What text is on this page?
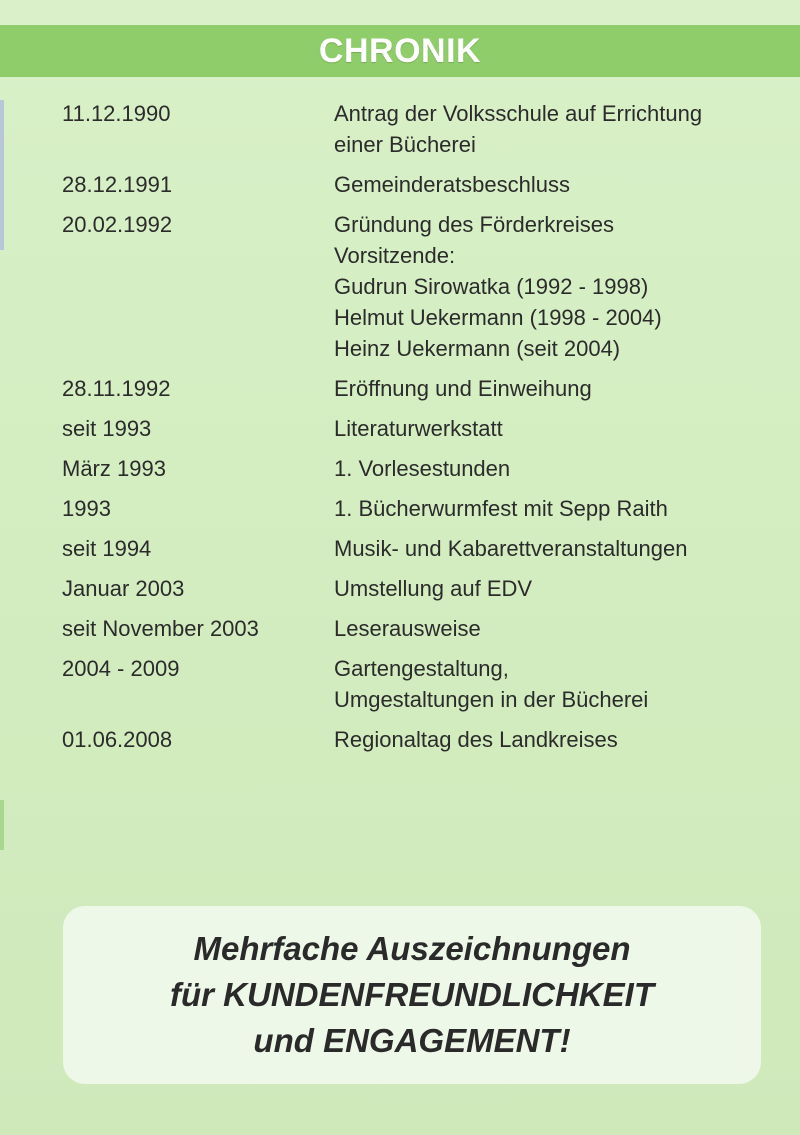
CHRONIK
11.12.1990	Antrag der Volksschule auf Errichtung
einer Bücherei
28.12.1991	Gemeinderatsbeschluss
20.02.1992	Gründung des Förderkreises
Vorsitzende:
Gudrun Sirowatka (1992 - 1998)
Helmut Uekermann (1998 - 2004)
Heinz Uekermann (seit 2004)
28.11.1992	Eröffnung und Einweihung
seit 1993	Literaturwerkstatt
März 1993	1. Vorlesestunden
1993	1. Bücherwurmfest mit Sepp Raith
seit 1994	Musik- und Kabarettveranstaltungen
Januar 2003	Umstellung auf EDV
seit November 2003	Leserausweise
2004 - 2009	Gartengestaltung,
Umgestaltungen in der Bücherei
01.06.2008	Regionaltag des Landkreises
Mehrfache Auszeichnungen
für KUNDENFREUNDLICHKEIT
und ENGAGEMENT!
